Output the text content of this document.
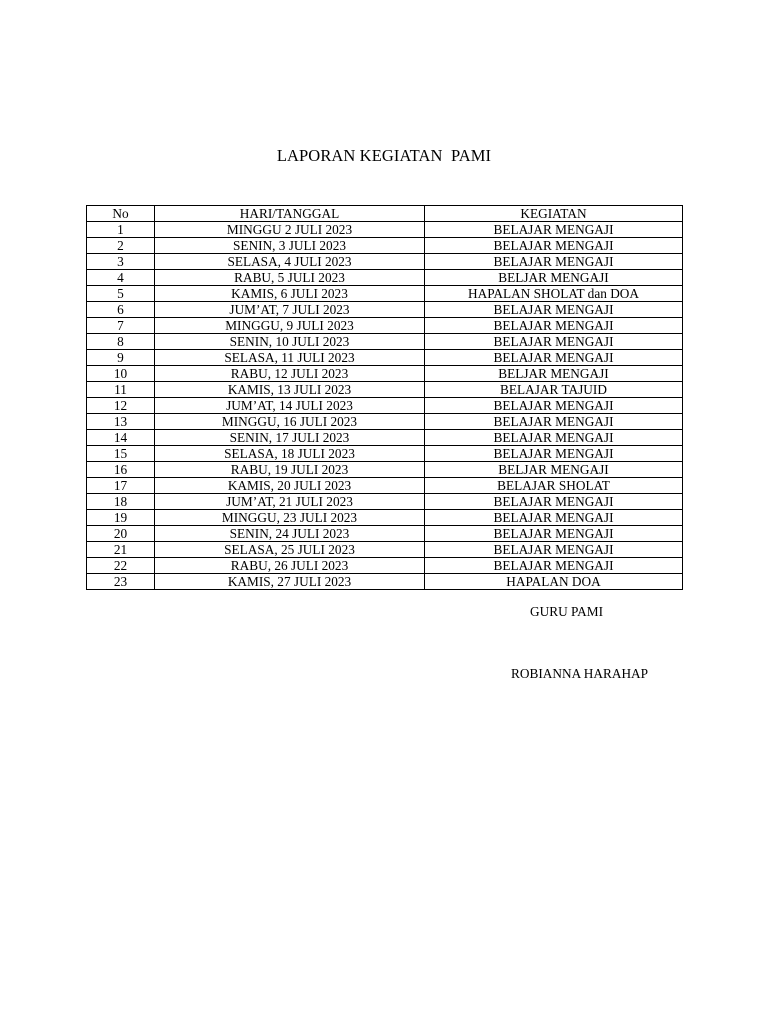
LAPORAN KEGIATAN  PAMI
No	HARI/TANGGAL	KEGIATAN
1	MINGGU 2 JULI 2023	BELAJAR MENGAJI
2	SENIN, 3 JULI 2023	BELAJAR MENGAJI
3	SELASA, 4 JULI 2023	BELAJAR MENGAJI
4	RABU, 5 JULI 2023	BELJAR MENGAJI
5	KAMIS, 6 JULI 2023	HAPALAN SHOLAT dan DOA
6	JUM’AT, 7 JULI 2023	BELAJAR MENGAJI
7	MINGGU, 9 JULI 2023	BELAJAR MENGAJI
8	SENIN, 10 JULI 2023	BELAJAR MENGAJI
9	SELASA, 11 JULI 2023	BELAJAR MENGAJI
10	RABU, 12 JULI 2023	BELJAR MENGAJI
11	KAMIS, 13 JULI 2023	BELAJAR TAJUID
12	JUM’AT, 14 JULI 2023	BELAJAR MENGAJI
13	MINGGU, 16 JULI 2023	BELAJAR MENGAJI
14	SENIN, 17 JULI 2023	BELAJAR MENGAJI
15	SELASA, 18 JULI 2023	BELAJAR MENGAJI
16	RABU, 19 JULI 2023	BELJAR MENGAJI
17	KAMIS, 20 JULI 2023	BELAJAR SHOLAT
18	JUM’AT, 21 JULI 2023	BELAJAR MENGAJI
19	MINGGU, 23 JULI 2023	BELAJAR MENGAJI
20	SENIN, 24 JULI 2023	BELAJAR MENGAJI
21	SELASA, 25 JULI 2023	BELAJAR MENGAJI
22	RABU, 26 JULI 2023	BELAJAR MENGAJI
23	KAMIS, 27 JULI 2023	HAPALAN DOA
GURU PAMI
ROBIANNA HARAHAP
